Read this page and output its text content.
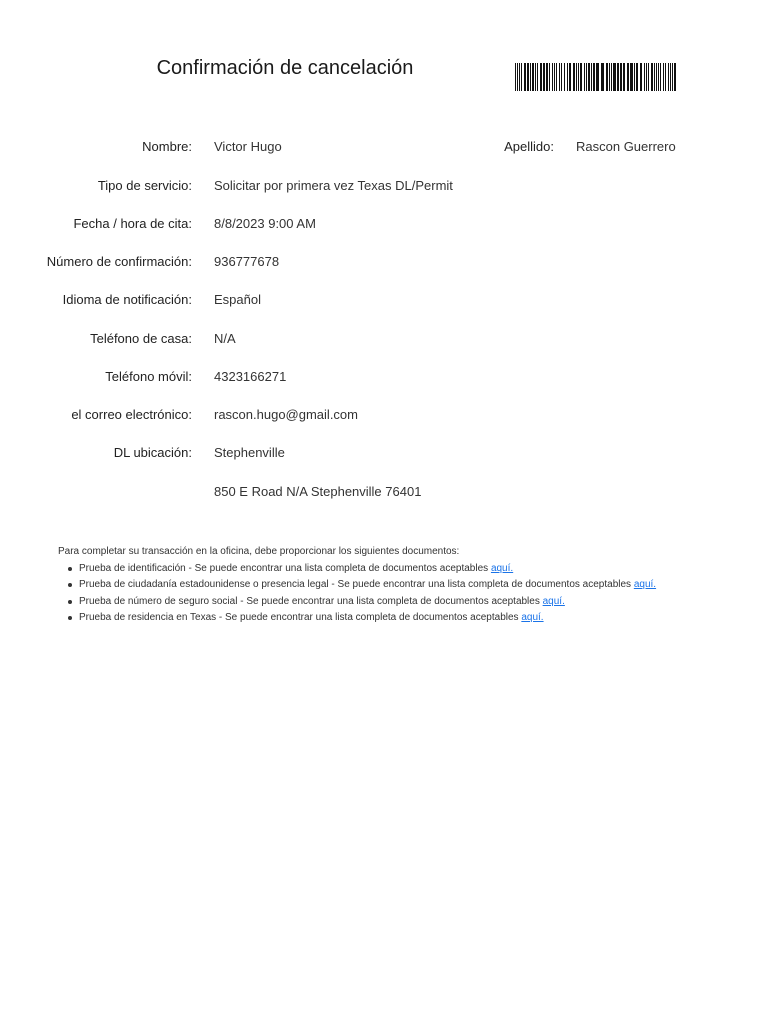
Confirmación de cancelación
Nombre: Victor Hugo	Apellido: Rascon Guerrero
Tipo de servicio: Solicitar por primera vez Texas DL/Permit
Fecha / hora de cita: 8/8/2023 9:00 AM
Número de confirmación: 936777678
Idioma de notificación: Español
Teléfono de casa: N/A
Teléfono móvil: 4323166271
el correo electrónico: rascon.hugo@gmail.com
DL ubicación: Stephenville
850 E Road N/A Stephenville 76401

Para completar su transacción en la oficina, debe proporcionar los siguientes documentos:

Prueba de identificación - Se puede encontrar una lista completa de documentos aceptables aquí.
Prueba de ciudadanía estadounidense o presencia legal - Se puede encontrar una lista completa de documentos aceptables aquí.
Prueba de número de seguro social - Se puede encontrar una lista completa de documentos aceptables aquí.
Prueba de residencia en Texas - Se puede encontrar una lista completa de documentos aceptables aquí.
